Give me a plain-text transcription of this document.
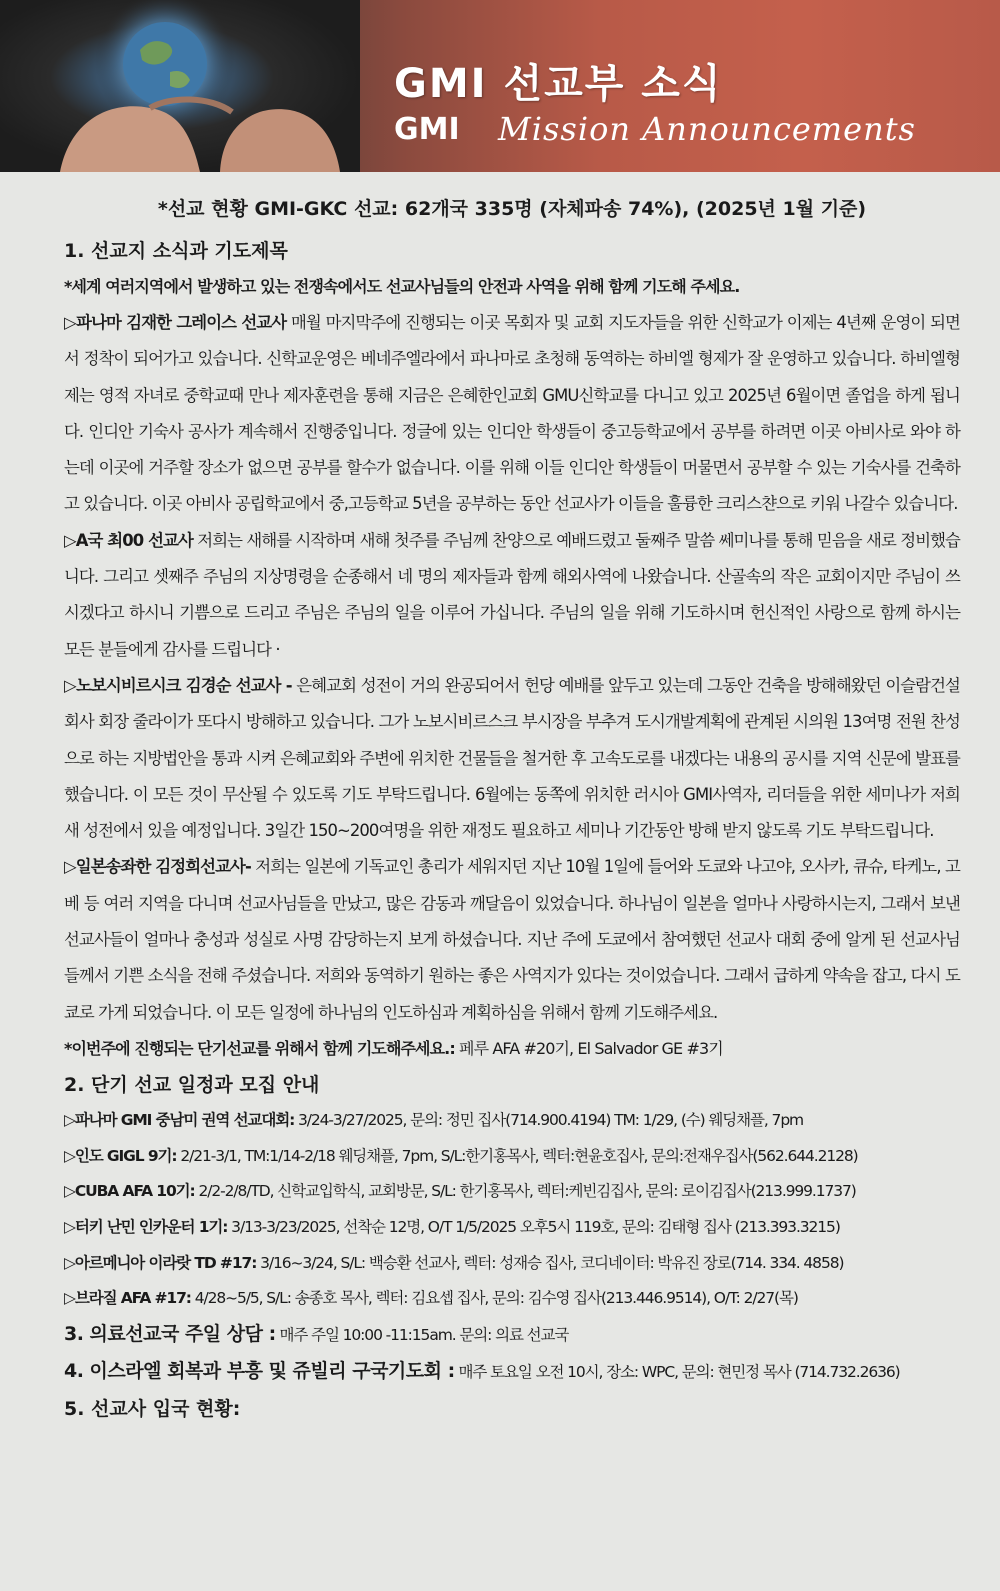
GMI 선교부 소식
GMI Mission Announcements
*선교 현황 GMI-GKC 선교: 62개국 335명 (자체파송 74%), (2025년 1월 기준)
1. 선교지 소식과 기도제목
*세계 여러지역에서 발생하고 있는 전쟁속에서도 선교사님들의 안전과 사역을 위해 함께 기도해 주세요.
▷파나마 김재한 그레이스 선교사 매월 마지막주에 진행되는 이곳 목회자 및 교회 지도자들을 위한 신학교가 이제는 4년째 운영이 되면서 정착이 되어가고 있습니다. 신학교운영은 베네주엘라에서 파나마로 초청해 동역하는 하비엘 형제가 잘 운영하고 있습니다. 하비엘형제는 영적 자녀로 중학교때 만나 제자훈련을 통해 지금은 은혜한인교회 GMU신학교를 다니고 있고 2025년 6월이면 졸업을 하게 됩니다. 인디안 기숙사 공사가 계속해서 진행중입니다. 정글에 있는 인디안 학생들이 중고등학교에서 공부를 하려면 이곳 아비사로 와야 하는데 이곳에 거주할 장소가 없으면 공부를 할수가 없습니다. 이를 위해 이들 인디안 학생들이 머물면서 공부할 수 있는 기숙사를 건축하고 있습니다. 이곳 아비사 공립학교에서 중,고등학교 5년을 공부하는 동안 선교사가 이들을 훌륭한 크리스챤으로 키워 나갈수 있습니다.
▷A국 최00 선교사 저희는 새해를 시작하며 새해 첫주를 주님께 찬양으로 예배드렸고 둘째주 말씀 쎄미나를 통해 믿음을 새로 정비했습니다. 그리고 셋째주 주님의 지상명령을 순종해서 네 명의 제자들과 함께 해외사역에 나왔습니다. 산골속의 작은 교회이지만 주님이 쓰시겠다고 하시니 기쁨으로 드리고 주님은 주님의 일을 이루어 가십니다. 주님의 일을 위해 기도하시며 헌신적인 사랑으로 함께 하시는 모든 분들에게 감사를 드립니다 ·
▷노보시비르시크 김경순 선교사 - 은혜교회 성전이 거의 완공되어서 헌당 예배를 앞두고 있는데 그동안 건축을 방해해왔던 이슬람건설회사 회장 줄라이가 또다시 방해하고 있습니다. 그가 노보시비르스크 부시장을 부추겨 도시개발계획에 관계된 시의원 13여명 전원 찬성으로 하는 지방법안을 통과 시켜 은혜교회와 주변에 위치한 건물들을 철거한 후 고속도로를 내겠다는 내용의 공시를 지역 신문에 발표를 했습니다. 이 모든 것이 무산될 수 있도록 기도 부탁드립니다. 6월에는 동쪽에 위치한 러시아 GMI사역자, 리더들을 위한 세미나가 저희 새 성전에서 있을 예정입니다. 3일간 150~200여명을 위한 재정도 필요하고 세미나 기간동안 방해 받지 않도록 기도 부탁드립니다.
▷일본송좌한 김정희선교사- 저희는 일본에 기독교인 총리가 세워지던 지난 10월 1일에 들어와 도쿄와 나고야, 오사카, 큐슈, 타케노, 고베 등 여러 지역을 다니며 선교사님들을 만났고, 많은 감동과 깨달음이 있었습니다. 하나님이 일본을 얼마나 사랑하시는지, 그래서 보낸 선교사들이 얼마나 충성과 성실로 사명 감당하는지 보게 하셨습니다. 지난 주에 도쿄에서 참여했던 선교사 대회 중에 알게 된 선교사님들께서 기쁜 소식을 전해 주셨습니다. 저희와 동역하기 원하는 좋은 사역지가 있다는 것이었습니다. 그래서 급하게 약속을 잡고, 다시 도쿄로 가게 되었습니다. 이 모든 일정에 하나님의 인도하심과 계획하심을 위해서 함께 기도해주세요.
*이번주에 진행되는 단기선교를 위해서 함께 기도해주세요.: 페루 AFA #20기, El Salvador GE #3기
2. 단기 선교 일정과 모집 안내
▷파나마 GMI 중남미 권역 선교대회: 3/24-3/27/2025, 문의: 정민 집사(714.900.4194) TM: 1/29, (수) 웨딩채플, 7pm
▷인도 GIGL 9기: 2/21-3/1, TM:1/14-2/18 웨딩채플, 7pm, S/L:한기홍목사, 렉터:현윤호집사, 문의:전재우집사(562.644.2128)
▷CUBA AFA 10기: 2/2-2/8/TD, 신학교입학식, 교회방문, S/L: 한기홍목사, 렉터:케빈김집사, 문의: 로이김집사(213.999.1737)
▷터키 난민 인카운터 1기: 3/13-3/23/2025, 선착순 12명, O/T 1/5/2025 오후5시 119호, 문의: 김태형 집사 (213.393.3215)
▷아르메니아 이라랏 TD #17: 3/16~3/24, S/L: 백승환 선교사, 렉터: 성재승 집사, 코디네이터: 박유진 장로(714. 334. 4858)
▷브라질 AFA #17: 4/28~5/5, S/L: 송종호 목사, 렉터: 김요셉 집사, 문의: 김수영 집사(213.446.9514), O/T: 2/27(목)
3. 의료선교국 주일 상담 : 매주 주일 10:00 -11:15am. 문의: 의료 선교국
4. 이스라엘 회복과 부흥 및 쥬빌리 구국기도회 : 매주 토요일 오전 10시, 장소: WPC, 문의: 현민정 목사 (714.732.2636)
5. 선교사 입국 현황:
